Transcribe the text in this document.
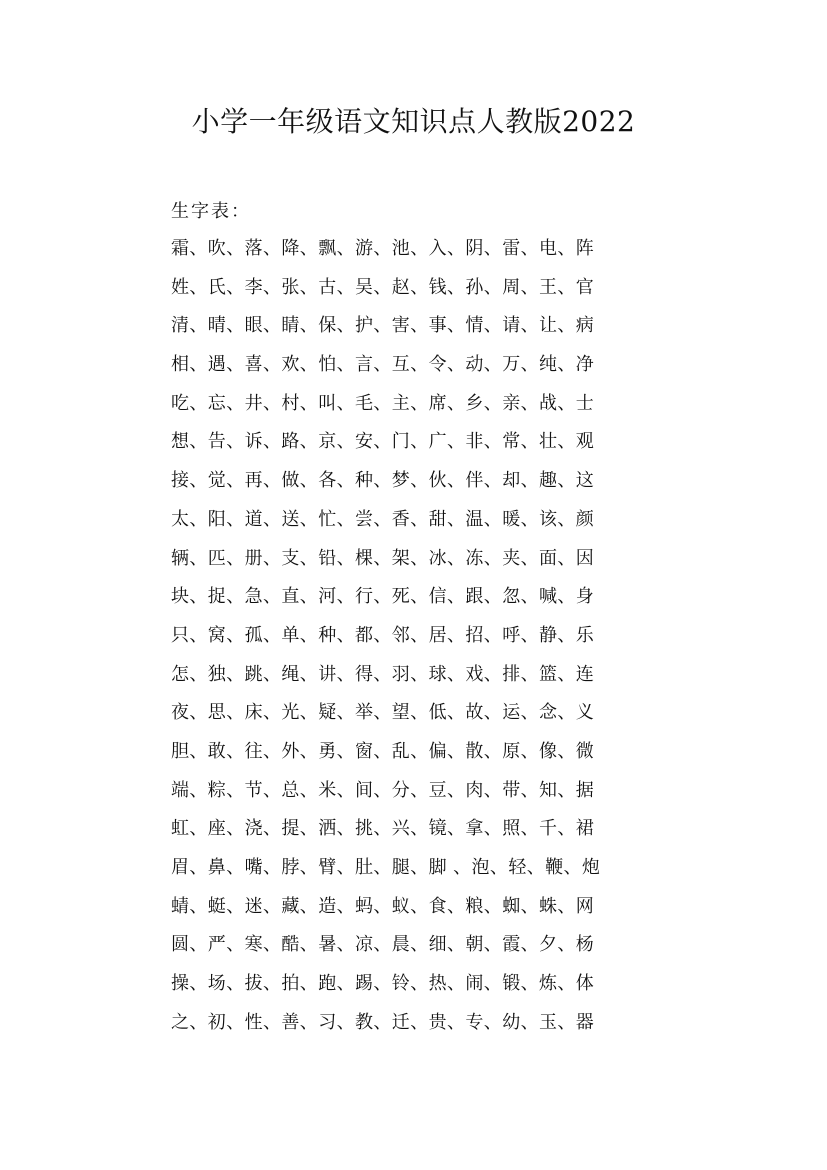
小学一年级语文知识点人教版2022
生字表：
霜、吹、落、降、飘、游、池、入、阴、雷、电、阵
姓、氏、李、张、古、吴、赵、钱、孙、周、王、官
清、晴、眼、睛、保、护、害、事、情、请、让、病
相、遇、喜、欢、怕、言、互、令、动、万、纯、净
吃、忘、井、村、叫、毛、主、席、乡、亲、战、士
想、告、诉、路、京、安、门、广、非、常、壮、观
接、觉、再、做、各、种、梦、伙、伴、却、趣、这
太、阳、道、送、忙、尝、香、甜、温、暖、该、颜
辆、匹、册、支、铅、棵、架、冰、冻、夹、面、因
块、捉、急、直、河、行、死、信、跟、忽、喊、身
只、窝、孤、单、种、都、邻、居、招、呼、静、乐
怎、独、跳、绳、讲、得、羽、球、戏、排、篮、连
夜、思、床、光、疑、举、望、低、故、运、念、义
胆、敢、往、外、勇、窗、乱、偏、散、原、像、微
端、粽、节、总、米、间、分、豆、肉、带、知、据
虹、座、浇、提、洒、挑、兴、镜、拿、照、千、裙
眉、鼻、嘴、脖、臂、肚、腿、脚 、泡、轻、鞭、炮
蜻、蜓、迷、藏、造、蚂、蚁、食、粮、蜘、蛛、网
圆、严、寒、酷、暑、凉、晨、细、朝、霞、夕、杨
操、场、拔、拍、跑、踢、铃、热、闹、锻、炼、体
之、初、性、善、习、教、迁、贵、专、幼、玉、器
